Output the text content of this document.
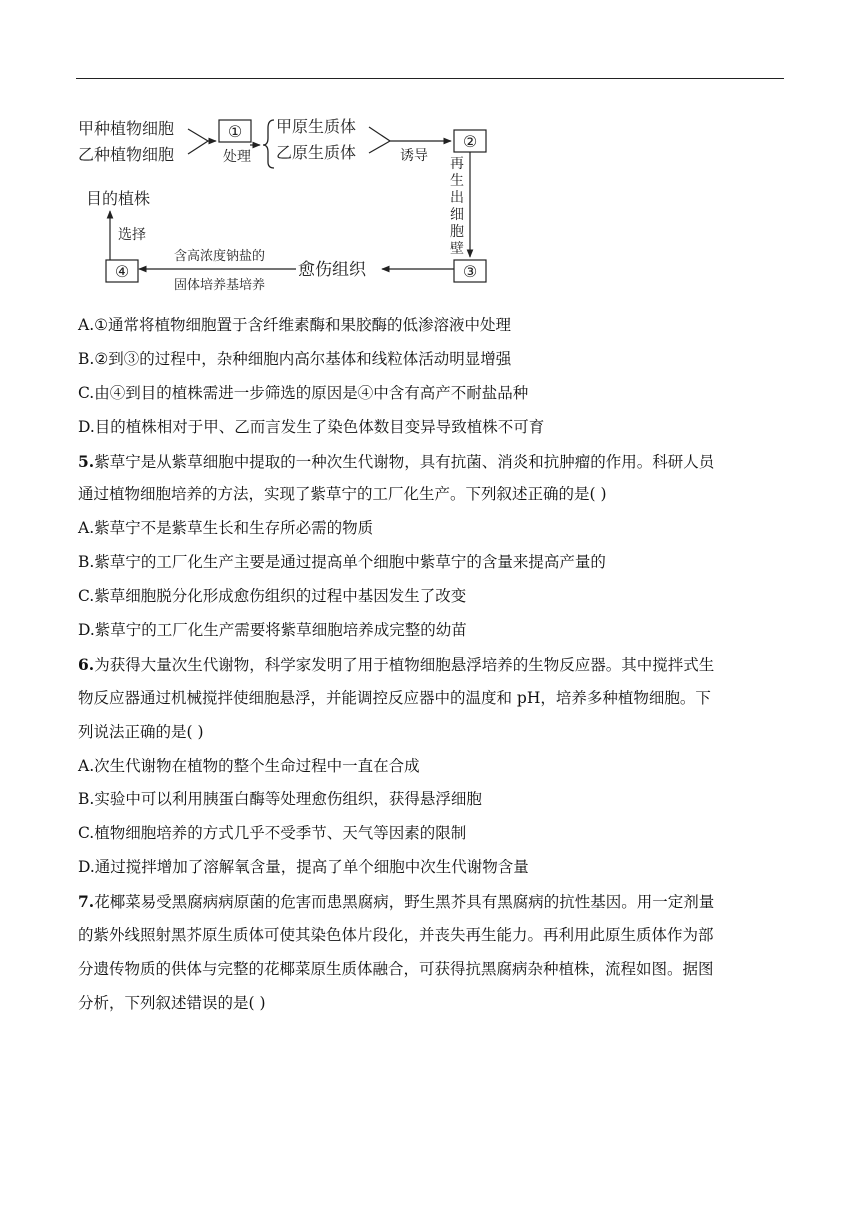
甲种植物细胞
乙种植物细胞
①
处理
甲原生质体
乙原生质体	诱导
②
再
生
出
细
胞
壁
③
愈伤组织
含高浓度钠盐的
固体培养基培养
④
选择
目的植株
A.①通常将植物细胞置于含纤维素酶和果胶酶的低渗溶液中处理
B.②到③的过程中，杂种细胞内高尔基体和线粒体活动明显增强
C.由④到目的植株需进一步筛选的原因是④中含有高产不耐盐品种
D.目的植株相对于甲、乙而言发生了染色体数目变异导致植株不可育
5.紫草宁是从紫草细胞中提取的一种次生代谢物，具有抗菌、消炎和抗肿瘤的作用。科研人员
通过植物细胞培养的方法，实现了紫草宁的工厂化生产。下列叙述正确的是( )
A.紫草宁不是紫草生长和生存所必需的物质
B.紫草宁的工厂化生产主要是通过提高单个细胞中紫草宁的含量来提高产量的
C.紫草细胞脱分化形成愈伤组织的过程中基因发生了改变
D.紫草宁的工厂化生产需要将紫草细胞培养成完整的幼苗
6.为获得大量次生代谢物，科学家发明了用于植物细胞悬浮培养的生物反应器。其中搅拌式生
物反应器通过机械搅拌使细胞悬浮，并能调控反应器中的温度和 pH，培养多种植物细胞。下
列说法正确的是( )
A.次生代谢物在植物的整个生命过程中一直在合成
B.实验中可以利用胰蛋白酶等处理愈伤组织，获得悬浮细胞
C.植物细胞培养的方式几乎不受季节、天气等因素的限制
D.通过搅拌增加了溶解氧含量，提高了单个细胞中次生代谢物含量
7.花椰菜易受黑腐病病原菌的危害而患黑腐病，野生黑芥具有黑腐病的抗性基因。用一定剂量
的紫外线照射黑芥原生质体可使其染色体片段化，并丧失再生能力。再利用此原生质体作为部
分遗传物质的供体与完整的花椰菜原生质体融合，可获得抗黑腐病杂种植株，流程如图。据图
分析，下列叙述错误的是( )
